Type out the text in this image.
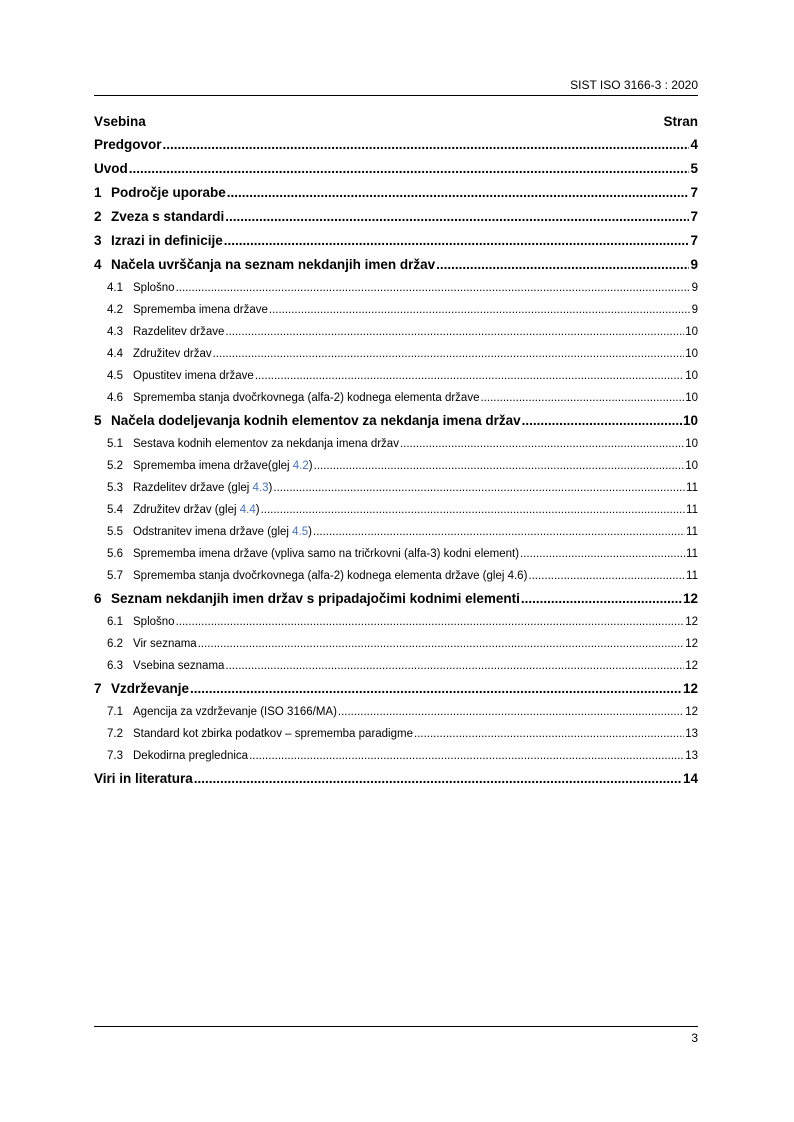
SIST ISO 3166-3 : 2020
Vsebina	Stran
Predgovor .....	4
Uvod .....	5
1 Področje uporabe .....	7
2 Zveza s standardi .....	7
3 Izrazi in definicije .....	7
4 Načela uvrščanja na seznam nekdanjih imen držav .....	9
4.1 Splošno .....	9
4.2 Sprememba imena države .....	9
4.3 Razdelitev države .....	10
4.4 Združitev držav .....	10
4.5 Opustitev imena države .....	10
4.6 Sprememba stanja dvočrkovnega (alfa-2) kodnega elementa države .....	10
5 Načela dodeljevanja kodnih elementov za nekdanja imena držav .....	10
5.1 Sestava kodnih elementov za nekdanja imena držav .....	10
5.2 Sprememba imena države(glej 4.2) .....	10
5.3 Razdelitev države (glej 4.3) .....	11
5.4 Združitev držav (glej 4.4) .....	11
5.5 Odstranitev imena države (glej 4.5) .....	11
5.6 Sprememba imena države (vpliva samo na tričrkovni (alfa-3) kodni element) .....	11
5.7 Sprememba stanja dvočrkovnega (alfa-2) kodnega elementa države (glej 4.6) .....	11
6 Seznam nekdanjih imen držav s pripadajočimi kodnimi elementi .....	12
6.1 Splošno .....	12
6.2 Vir seznama .....	12
6.3 Vsebina seznama .....	12
7 Vzdrževanje .....	12
7.1 Agencija za vzdrževanje (ISO 3166/MA) .....	12
7.2 Standard kot zbirka podatkov – sprememba paradigme .....	13
7.3 Dekodirna preglednica .....	13
Viri in literatura .....	14
3
